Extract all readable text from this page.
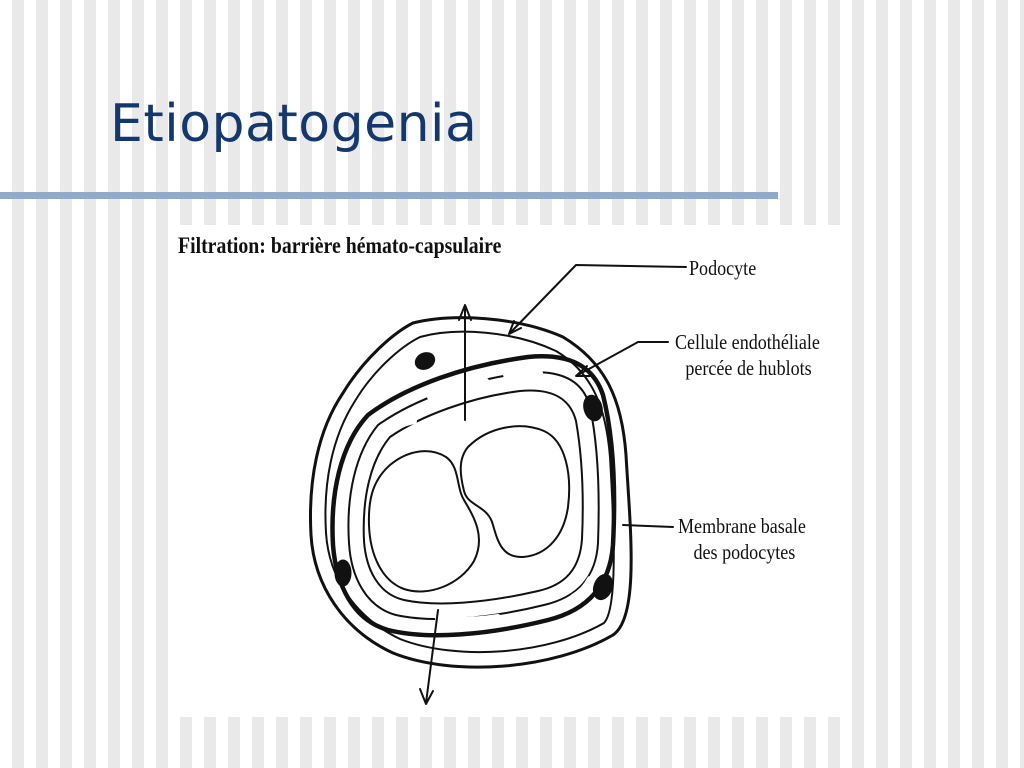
Etiopatogenia
Filtration: barrière hémato-capsulaire
Podocyte
Cellule endothéliale
percée de hublots
Membrane basale
des podocytes
